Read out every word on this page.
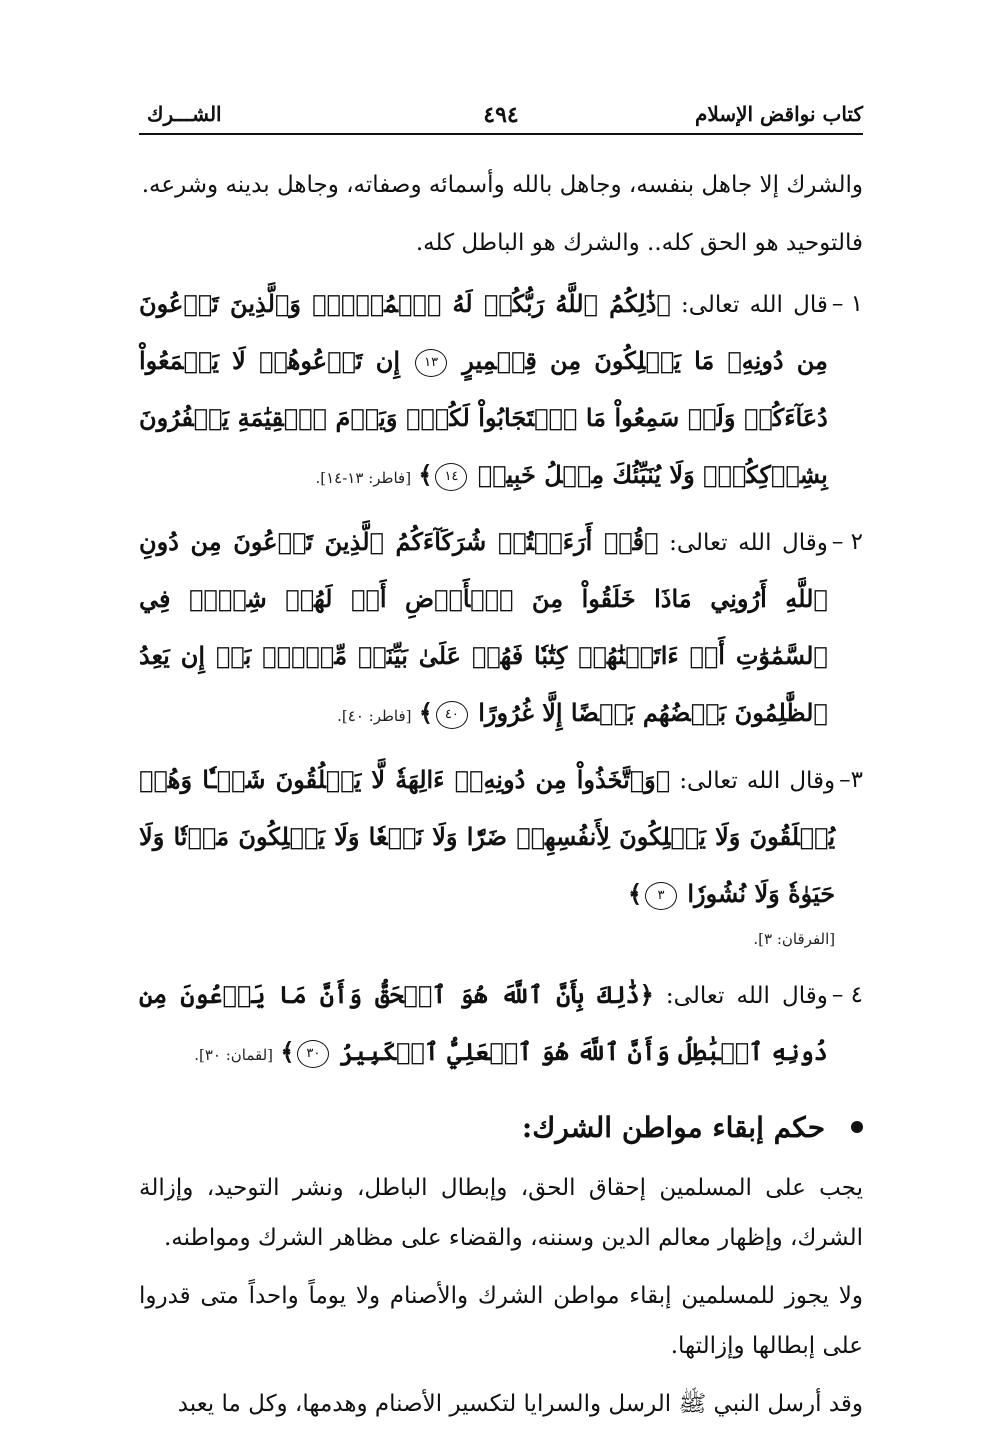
كتاب نواقض الإسلام
٤٩٤
الشـــرك

والشرك إلا جاهل بنفسه، وجاهل بالله وأسمائه وصفاته، وجاهل بدينه وشرعه.

فالتوحيد هو الحق كله.. والشرك هو الباطل كله.

١ –
قال الله تعالى: ﴿ذَٰلِكُمُ ٱللَّهُ رَبُّكُمۡ لَهُ ٱلۡمُلۡكُۚ وَٱلَّذِينَ تَدۡعُونَ مِن دُونِهِۦ مَا يَمۡلِكُونَ مِن قِطۡمِيرٍ ١٣ إِن تَدۡعُوهُمۡ لَا يَسۡمَعُواْ دُعَآءَكُمۡ وَلَوۡ سَمِعُواْ مَا ٱسۡتَجَابُواْ لَكُمۡۖ وَيَوۡمَ ٱلۡقِيَٰمَةِ يَكۡفُرُونَ بِشِرۡكِكُمۡۚ وَلَا يُنَبِّئُكَ مِثۡلُ خَبِيرٖ ١٤﴾ [فاطر: ١٣-١٤].
٢ –
وقال الله تعالى: ﴿قُلۡ أَرَءَيۡتُمۡ شُرَكَآءَكُمُ ٱلَّذِينَ تَدۡعُونَ مِن دُونِ ٱللَّهِ أَرُونِي مَاذَا خَلَقُواْ مِنَ ٱلۡأَرۡضِ أَمۡ لَهُمۡ شِرۡكٞ فِي ٱلسَّمَٰوَٰتِ أَمۡ ءَاتَيۡنَٰهُمۡ كِتَٰبٗا فَهُمۡ عَلَىٰ بَيِّنَتٖ مِّنۡهُۚ بَلۡ إِن يَعِدُ ٱلظَّٰلِمُونَ بَعۡضُهُم بَعۡضًا إِلَّا غُرُورًا ٤٠﴾ [فاطر: ٤٠].
٣–
وقال الله تعالى: ﴿وَٱتَّخَذُواْ مِن دُونِهِۦٓ ءَالِهَةٗ لَّا يَخۡلُقُونَ شَيۡـٔٗا وَهُمۡ يُخۡلَقُونَ وَلَا يَمۡلِكُونَ لِأَنفُسِهِمۡ ضَرّٗا وَلَا نَفۡعٗا وَلَا يَمۡلِكُونَ مَوۡتٗا وَلَا حَيَوٰةٗ وَلَا نُشُورٗا ٣﴾
[الفرقان: ٣].
٤ –
وقال الله تعالى: ﴿ذَٰلِكَ بِأَنَّ ٱللَّهَ هُوَ ٱلۡحَقُّ وَأَنَّ مَا يَدۡعُونَ مِن دُونِهِ ٱلۡبَٰطِلُ وَأَنَّ ٱللَّهَ هُوَ ٱلۡعَلِيُّ ٱلۡكَبِيرُ ٣٠﴾ [لقمان: ٣٠].
حكم إبقاء مواطن الشرك:

يجب على المسلمين إحقاق الحق، وإبطال الباطل، ونشر التوحيد، وإزالة الشرك، وإظهار معالم الدين وسننه، والقضاء على مظاهر الشرك ومواطنه.

ولا يجوز للمسلمين إبقاء مواطن الشرك والأصنام ولا يوماً واحداً متى قدروا على إبطالها وإزالتها.

وقد أرسل النبي ﷺ الرسل والسرايا لتكسير الأصنام وهدمها، وكل ما يعبد
